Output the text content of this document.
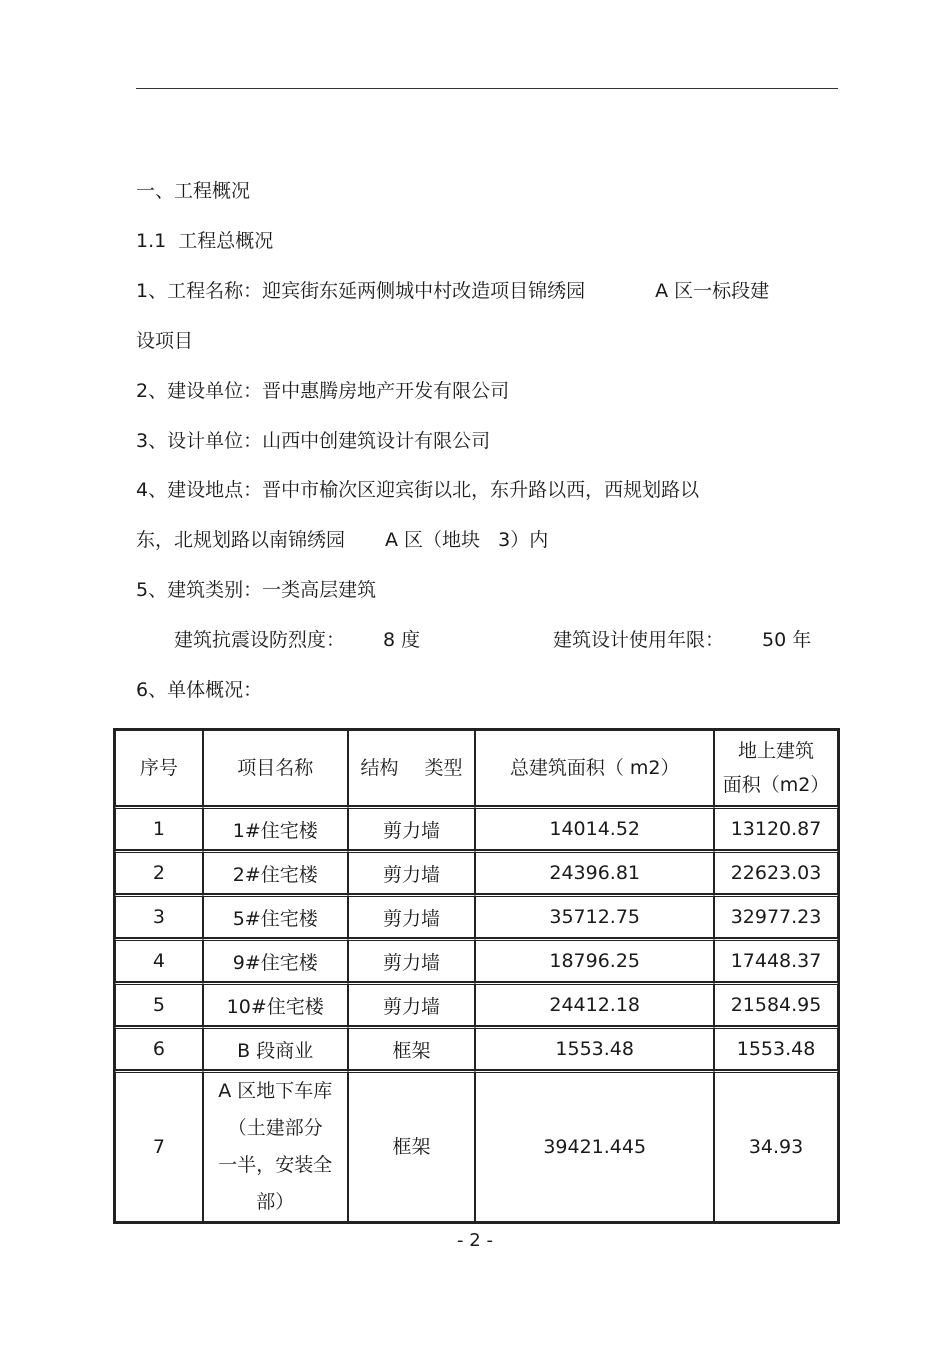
一、工程概况
1.1  工程总概况
1、工程名称：迎宾街东延两侧城中村改造项目锦绣园	A 区一标段建
设项目
2、建设单位：晋中惠腾房地产开发有限公司
3、设计单位：山西中创建筑设计有限公司
4、建设地点：晋中市榆次区迎宾街以北，东升路以西，西规划路以
东，北规划路以南锦绣园 A 区（地块   3）内
5、建筑类别：一类高层建筑
建筑抗震设防烈度： 8 度	建筑设计使用年限： 50 年
6、单体概况：
序号	项目名称	结构 类型	总建筑面积（ m2）	地上建筑
面积（m2）

1	1#住宅楼	剪力墙	14014.52	13120.87
2	2#住宅楼	剪力墙	24396.81	22623.03
3	5#住宅楼	剪力墙	35712.75	32977.23
4	9#住宅楼	剪力墙	18796.25	17448.37
5	10#住宅楼	剪力墙	24412.18	21584.95
6	B 段商业	框架	1553.48	1553.48
7	A 区地下车库
（土建部分
一半，安装全
部）	框架	39421.445	34.93
- 2 -
